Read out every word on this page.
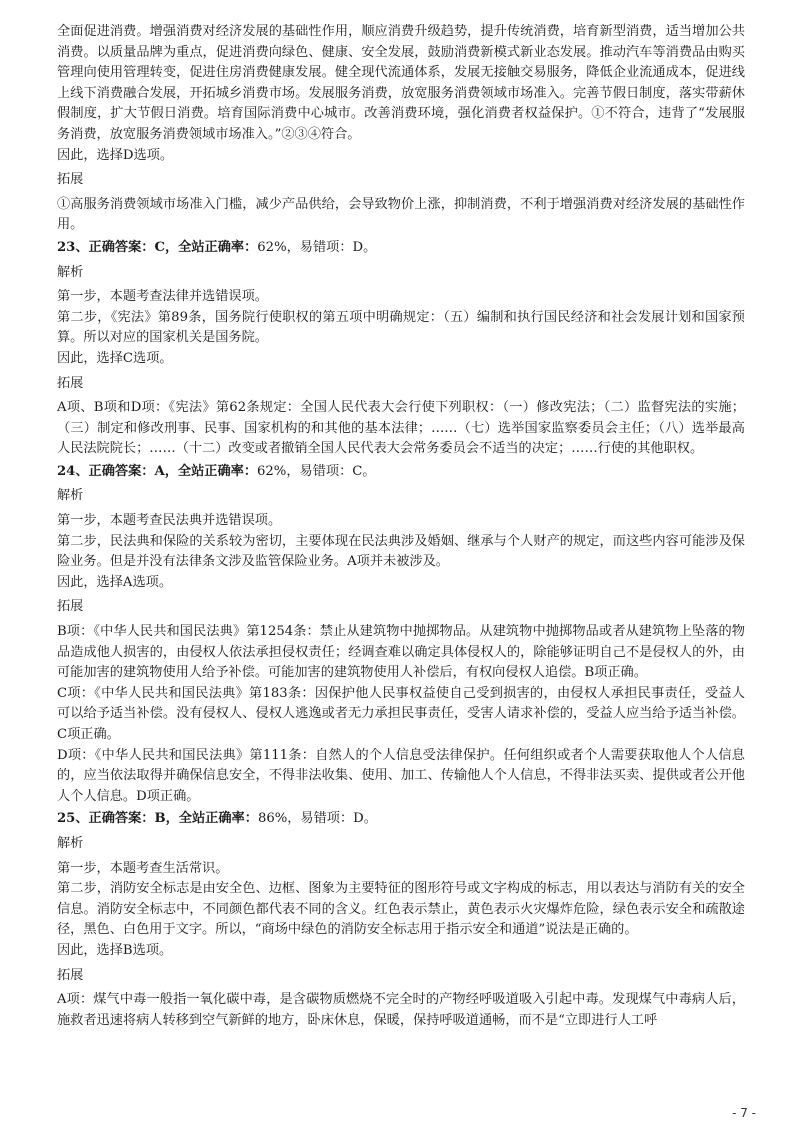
全面促进消费。增强消费对经济发展的基础性作用，顺应消费升级趋势，提升传统消费，培育新型消费，适当增加公共消费。以质量品牌为重点，促进消费向绿色、健康、安全发展，鼓励消费新模式新业态发展。推动汽车等消费品由购买管理向使用管理转变，促进住房消费健康发展。健全现代流通体系，发展无接触交易服务，降低企业流通成本，促进线上线下消费融合发展，开拓城乡消费市场。发展服务消费，放宽服务消费领域市场准入。完善节假日制度，落实带薪休假制度，扩大节假日消费。培育国际消费中心城市。改善消费环境，强化消费者权益保护。①不符合，违背了“发展服务消费，放宽服务消费领域市场准入。”②③④符合。

因此，选择D选项。

拓展

①高服务消费领域市场准入门槛，减少产品供给，会导致物价上涨，抑制消费，不利于增强消费对经济发展的基础性作用。

23、正确答案：C，全站正确率：62%，易错项：D。

解析

第一步，本题考查法律并选错误项。

第二步，《宪法》第89条，国务院行使职权的第五项中明确规定：（五）编制和执行国民经济和社会发展计划和国家预算。所以对应的国家机关是国务院。

因此，选择C选项。

拓展

A项、B项和D项：《宪法》第62条规定：全国人民代表大会行使下列职权：（一）修改宪法；（二）监督宪法的实施；（三）制定和修改刑事、民事、国家机构的和其他的基本法律；……（七）选举国家监察委员会主任；（八）选举最高人民法院院长；……（十二）改变或者撤销全国人民代表大会常务委员会不适当的决定；……行使的其他职权。

24、正确答案：A，全站正确率：62%，易错项：C。

解析

第一步，本题考查民法典并选错误项。

第二步，民法典和保险的关系较为密切，主要体现在民法典涉及婚姻、继承与个人财产的规定，而这些内容可能涉及保险业务。但是并没有法律条文涉及监管保险业务。A项并未被涉及。

因此，选择A选项。

拓展

B项：《中华人民共和国民法典》第1254条：禁止从建筑物中抛掷物品。从建筑物中抛掷物品或者从建筑物上坠落的物品造成他人损害的，由侵权人依法承担侵权责任；经调查难以确定具体侵权人的，除能够证明自己不是侵权人的外，由可能加害的建筑物使用人给予补偿。可能加害的建筑物使用人补偿后，有权向侵权人追偿。B项正确。

C项：《中华人民共和国民法典》第183条：因保护他人民事权益使自己受到损害的，由侵权人承担民事责任，受益人可以给予适当补偿。没有侵权人、侵权人逃逸或者无力承担民事责任，受害人请求补偿的，受益人应当给予适当补偿。C项正确。

D项：《中华人民共和国民法典》第111条：自然人的个人信息受法律保护。任何组织或者个人需要获取他人个人信息的，应当依法取得并确保信息安全，不得非法收集、使用、加工、传输他人个人信息，不得非法买卖、提供或者公开他人个人信息。D项正确。

25、正确答案：B，全站正确率：86%，易错项：D。

解析

第一步，本题考查生活常识。

第二步，消防安全标志是由安全色、边框、图象为主要特征的图形符号或文字构成的标志，用以表达与消防有关的安全信息。消防安全标志中，不同颜色都代表不同的含义。红色表示禁止，黄色表示火灾爆炸危险，绿色表示安全和疏散途径，黑色、白色用于文字。所以，“商场中绿色的消防安全标志用于指示安全和通道”说法是正确的。

因此，选择B选项。

拓展

A项：煤气中毒一般指一氧化碳中毒，是含碳物质燃烧不完全时的产物经呼吸道吸入引起中毒。发现煤气中毒病人后，施救者迅速将病人转移到空气新鲜的地方，卧床休息，保暖，保持呼吸道通畅，而不是“立即进行人工呼

- 7 -
